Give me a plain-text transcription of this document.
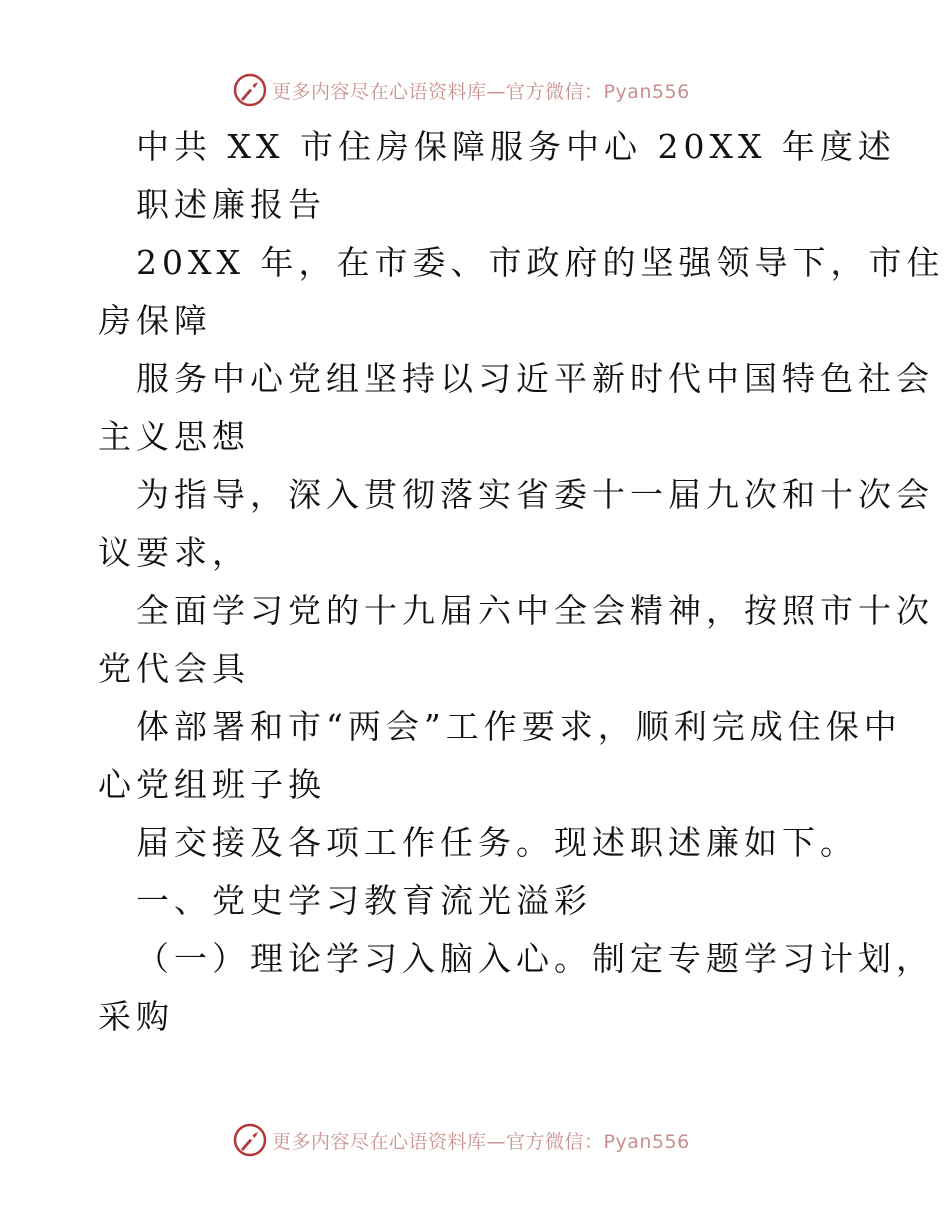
更多内容尽在心语资料库—官方微信：Pyan556
中共 XX 市住房保障服务中心 20XX 年度述
职述廉报告
20XX 年，在市委、市政府的坚强领导下，市住
房保障
服务中心党组坚持以习近平新时代中国特色社会
主义思想
为指导，深入贯彻落实省委十一届九次和十次会
议要求，
全面学习党的十九届六中全会精神，按照市十次
党代会具
体部署和市“两会”工作要求，顺利完成住保中
心党组班子换
届交接及各项工作任务。现述职述廉如下。
一、党史学习教育流光溢彩
（一）理论学习入脑入心。制定专题学习计划，
采购
更多内容尽在心语资料库—官方微信：Pyan556
